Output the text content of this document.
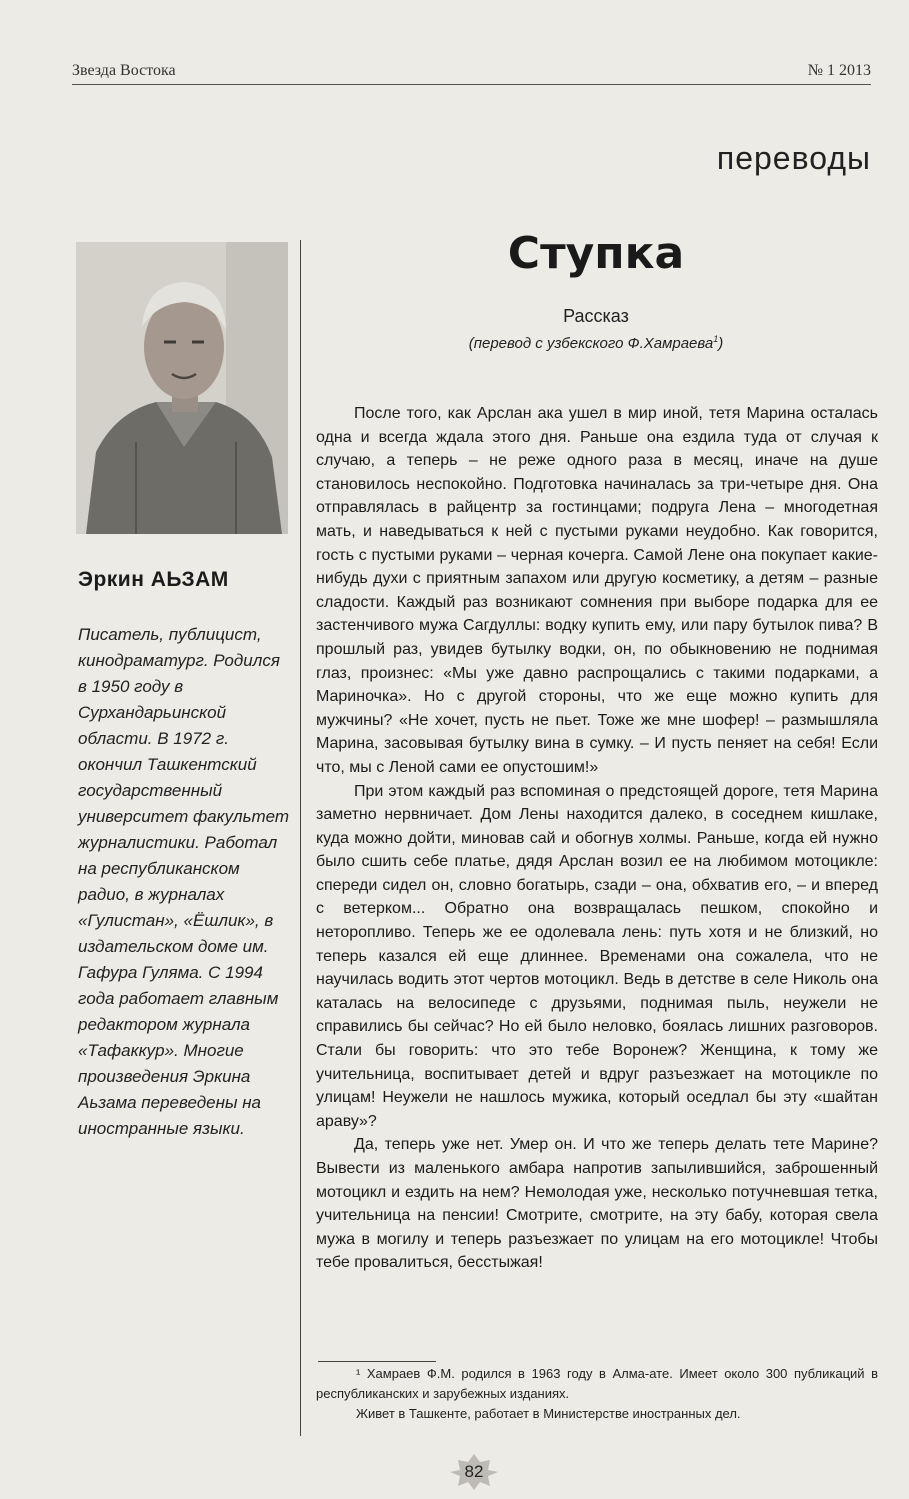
Звезда Востока	№ 1 2013
переводы
Эркин АЬЗАМ

Писатель, публицист, кинодраматург. Родился в 1950 году в Сурхандарьинской области. В 1972 г. окончил Ташкентский государственный университет факультет журналистики. Работал на республиканском радио, в журналах «Гулистан», «Ёшлик», в издательском доме им. Гафура Гуляма. С 1994 года работает главным редактором журнала «Тафаккур». Многие произведения Эркина Аьзама переведены на иностранные языки.

Ступка
Рассказ
(перевод с узбекского Ф.Хамраева$^1$)

После того, как Арслан ака ушел в мир иной, тетя Марина осталась одна и всегда ждала этого дня. Раньше она ездила туда от случая к случаю, а теперь – не реже одного раза в месяц, иначе на душе становилось неспокойно. Подготовка начиналась за три-четыре дня. Она отправлялась в райцентр за гостинцами; подруга Лена – многодетная мать, и наведываться к ней с пустыми руками неудобно. Как говорится, гость с пустыми руками – черная кочерга. Самой Лене она покупает какие-нибудь духи с приятным запахом или другую косметику, а детям – разные сладости. Каждый раз возникают сомнения при выборе подарка для ее застенчивого мужа Сагдуллы: водку купить ему, или пару бутылок пива? В прошлый раз, увидев бутылку водки, он, по обыкновению не поднимая глаз, произнес: «Мы уже давно распрощались с такими подарками, а Мариночка». Но с другой стороны, что же еще можно купить для мужчины? «Не хочет, пусть не пьет. Тоже же мне шофер! – размышляла Марина, засовывая бутылку вина в сумку. – И пусть пеняет на себя! Если что, мы с Леной сами ее опустошим!»

При этом каждый раз вспоминая о предстоящей дороге, тетя Марина заметно нервничает. Дом Лены находится далеко, в соседнем кишлаке, куда можно дойти, миновав сай и обогнув холмы. Раньше, когда ей нужно было сшить себе платье, дядя Арслан возил ее на любимом мотоцикле: спереди сидел он, словно богатырь, сзади – она, обхватив его, – и вперед с ветерком... Обратно она возвращалась пешком, спокойно и неторопливо. Теперь же ее одолевала лень: путь хотя и не близкий, но теперь казался ей еще длиннее. Временами она сожалела, что не научилась водить этот чертов мотоцикл. Ведь в детстве в селе Николь она каталась на велосипеде с друзьями, поднимая пыль, неужели не справились бы сейчас? Но ей было неловко, боялась лишних разговоров. Стали бы говорить: что это тебе Воронеж? Женщина, к тому же учительница, воспитывает детей и вдруг разъезжает на мотоцикле по улицам! Неужели не нашлось мужика, который оседлал бы эту «шайтан араву»?

Да, теперь уже нет. Умер он. И что же теперь делать тете Марине? Вывести из маленького амбара напротив запылившийся, заброшенный мотоцикл и ездить на нем? Немолодая уже, несколько потучневшая тетка, учительница на пенсии! Смотрите, смотрите, на эту бабу, которая свела мужа в могилу и теперь разъезжает по улицам на его мотоцикле! Чтобы тебе провалиться, бесстыжая!

¹ Хамраев Ф.М. родился в 1963 году в Алма-ате. Имеет около 300 публикаций в республиканских и зарубежных изданиях.

Живет в Ташкенте, работает в Министерстве иностранных дел.

82
